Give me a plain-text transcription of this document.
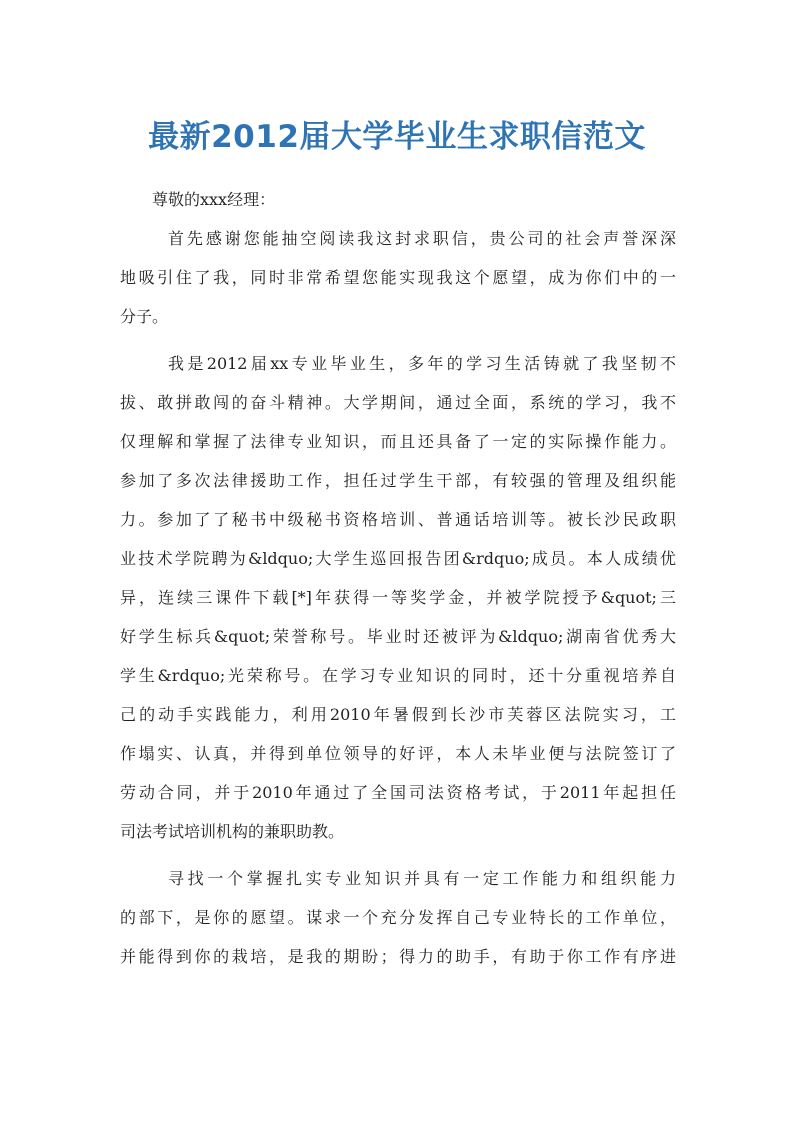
最新2012届大学毕业生求职信范文
尊敬的xxx经理：
首先感谢您能抽空阅读我这封求职信，贵公司的社会声誉深深
地吸引住了我，同时非常希望您能实现我这个愿望，成为你们中的一
分子。
我是2012届xx专业毕业生，多年的学习生活铸就了我坚韧不
拔、敢拼敢闯的奋斗精神。大学期间，通过全面，系统的学习，我不
仅理解和掌握了法律专业知识，而且还具备了一定的实际操作能力。
参加了多次法律援助工作，担任过学生干部，有较强的管理及组织能
力。参加了了秘书中级秘书资格培训、普通话培训等。被长沙民政职
业技术学院聘为&ldquo;大学生巡回报告团&rdquo;成员。本人成绩优
异，连续三课件下载[*]年获得一等奖学金，并被学院授予&quot;三
好学生标兵&quot;荣誉称号。毕业时还被评为&ldquo;湖南省优秀大
学生&rdquo;光荣称号。在学习专业知识的同时，还十分重视培养自
己的动手实践能力，利用2010年暑假到长沙市芙蓉区法院实习，工
作塌实、认真，并得到单位领导的好评，本人未毕业便与法院签订了
劳动合同，并于2010年通过了全国司法资格考试，于2011年起担任
司法考试培训机构的兼职助教。
寻找一个掌握扎实专业知识并具有一定工作能力和组织能力
的部下，是你的愿望。谋求一个充分发挥自己专业特长的工作单位，
并能得到你的栽培，是我的期盼；得力的助手，有助于你工作有序进
